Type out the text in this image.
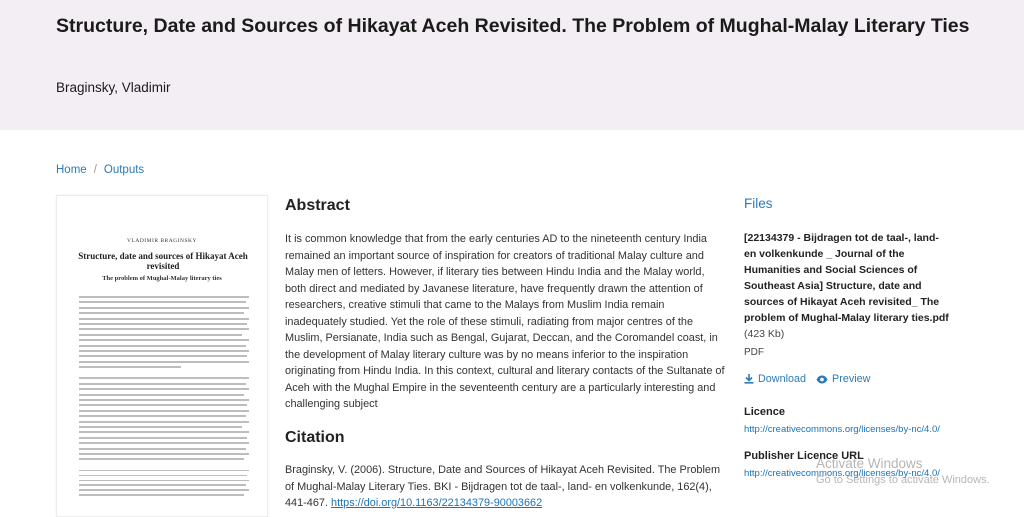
Structure, Date and Sources of Hikayat Aceh Revisited. The Problem of Mughal-Malay Literary Ties
Braginsky, Vladimir
Home / Outputs
VLADIMIR BRAGINSKY
Structure, date and sources of Hikayat Aceh revisited
The problem of Mughal-Malay literary ties
Abstract

It is common knowledge that from the early centuries AD to the nineteenth century India remained an important source of inspiration for creators of traditional Malay culture and Malay men of letters. However, if literary ties between Hindu India and the Malay world, both direct and mediated by Javanese literature, have frequently drawn the attention of researchers, creative stimuli that came to the Malays from Muslim India remain inadequately studied. Yet the role of these stimuli, radiating from major centres of the Muslim, Persianate, India such as Bengal, Gujarat, Deccan, and the Coromandel coast, in the development of Malay literary culture was by no means inferior to the inspiration originating from Hindu India. In this context, cultural and literary contacts of the Sultanate of Aceh with the Mughal Empire in the seventeenth century are a particularly interesting and challenging subject

Citation

Braginsky, V. (2006). Structure, Date and Sources of Hikayat Aceh Revisited. The Problem of Mughal-Malay Literary Ties. BKI - Bijdragen tot de taal-, land- en volkenkunde, 162(4), 441-467. https://doi.org/10.1163/22134379-90003662

Files
[22134379 - Bijdragen tot de taal-, land- en volkenkunde _ Journal of the Humanities and Social Sciences of Southeast Asia] Structure, date and sources of Hikayat Aceh revisited_ The problem of Mughal-Malay literary ties.pdf (423 Kb)
PDF
Download Preview
Licence
http://creativecommons.org/licenses/by-nc/4.0/
Publisher Licence URL
http://creativecommons.org/licenses/by-nc/4.0/
Activate Windows
Go to Settings to activate Windows.
